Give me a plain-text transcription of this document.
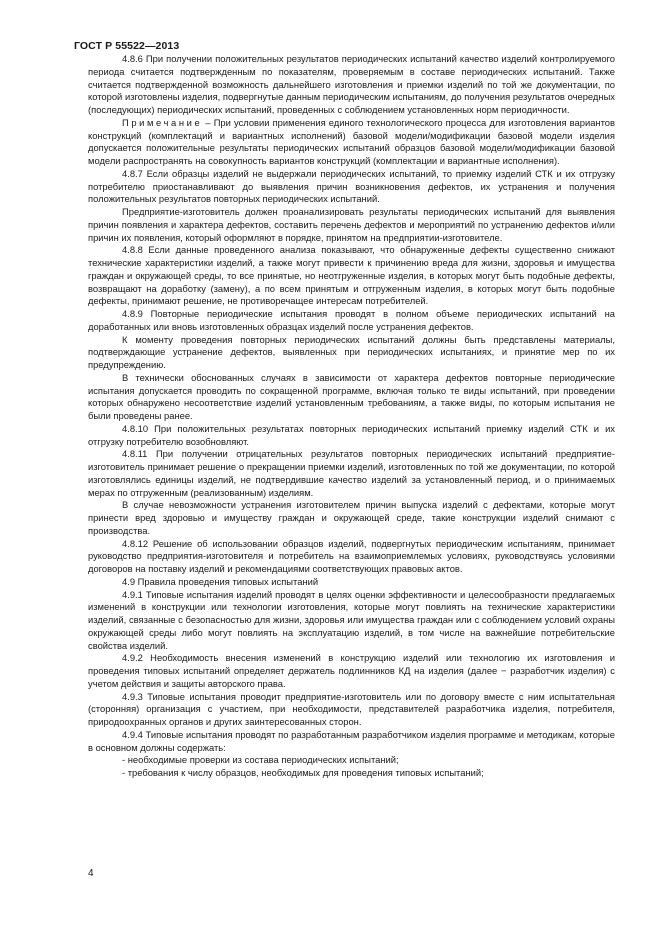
ГОСТ Р 55522—2013

4.8.6 При получении положительных результатов периодических испытаний качество изделий контролируемого периода считается подтвержденным по показателям, проверяемым в составе периодических испытаний. Также считается подтвержденной возможность дальнейшего изготовления и приемки изделий по той же документации, по которой изготовлены изделия, подвергнутые данным периодическим испытаниям, до получения результатов очередных (последующих) периодических испытаний, проведенных с соблюдением установленных норм периодичности.

Примечание – При условии применения единого технологического процесса для изготовления вариантов конструкций (комплектаций и вариантных исполнений) базовой модели/модификации базовой модели изделия допускается положительные результаты периодических испытаний образцов базовой модели/модификации базовой модели распространять на совокупность вариантов конструкций (комплектации и вариантные исполнения).

4.8.7 Если образцы изделий не выдержали периодических испытаний, то приемку изделий СТК и их отгрузку потребителю приостанавливают до выявления причин возникновения дефектов, их устранения и получения положительных результатов повторных периодических испытаний.

Предприятие-изготовитель должен проанализировать результаты периодических испытаний для выявления причин появления и характера дефектов, составить перечень дефектов и мероприятий по устранению дефектов и/или причин их появления, который оформляют в порядке, принятом на предприятии-изготовителе.

4.8.8 Если данные проведенного анализа показывают, что обнаруженные дефекты существенно снижают технические характеристики изделий, а также могут привести к причинению вреда для жизни, здоровья и имущества граждан и окружающей среды, то все принятые, но неотгруженные изделия, в которых могут быть подобные дефекты, возвращают на доработку (замену), а по всем принятым и отгруженным изделия, в которых могут быть подобные дефекты, принимают решение, не противоречащее интересам потребителей.

4.8.9 Повторные периодические испытания проводят в полном объеме периодических испытаний на доработанных или вновь изготовленных образцах изделий после устранения дефектов.

К моменту проведения повторных периодических испытаний должны быть представлены материалы, подтверждающие устранение дефектов, выявленных при периодических испытаниях, и принятие мер по их предупреждению.

В технически обоснованных случаях в зависимости от характера дефектов повторные периодические испытания допускается проводить по сокращенной программе, включая только те виды испытаний, при проведении которых обнаружено несоответствие изделий установленным требованиям, а также виды, по которым испытания не были проведены ранее.

4.8.10 При положительных результатах повторных периодических испытаний приемку изделий СТК и их отгрузку потребителю возобновляют.

4.8.11 При получении отрицательных результатов повторных периодических испытаний предприятие-изготовитель принимает решение о прекращении приемки изделий, изготовленных по той же документации, по которой изготовлялись единицы изделий, не подтвердившие качество изделий за установленный период, и о принимаемых мерах по отгруженным (реализованным) изделиям.

В случае невозможности устранения изготовителем причин выпуска изделий с дефектами, которые могут принести вред здоровью и имуществу граждан и окружающей среде, такие конструкции изделий снимают с производства.

4.8.12 Решение об использовании образцов изделий, подвергнутых периодическим испытаниям, принимает руководство предприятия-изготовителя и потребитель на взаимоприемлемых условиях, руководствуясь условиями договоров на поставку изделий и рекомендациями соответствующих правовых актов.

4.9 Правила проведения типовых испытаний

4.9.1 Типовые испытания изделий проводят в целях оценки эффективности и целесообразности предлагаемых изменений в конструкции или технологии изготовления, которые могут повлиять на технические характеристики изделий, связанные с безопасностью для жизни, здоровья или имущества граждан или с соблюдением условий охраны окружающей среды либо могут повлиять на эксплуатацию изделий, в том числе на важнейшие потребительские свойства изделий.

4.9.2 Необходимость внесения изменений в конструкцию изделий или технологию их изготовления и проведения типовых испытаний определяет держатель подлинников КД на изделия (далее − разработчик изделия) с учетом действия и защиты авторского права.

4.9.3 Типовые испытания проводит предприятие-изготовитель или по договору вместе с ним испытательная (сторонняя) организация с участием, при необходимости, представителей разработчика изделия, потребителя, природоохранных органов и других заинтересованных сторон.

4.9.4 Типовые испытания проводят по разработанным разработчиком изделия программе и методикам, которые в основном должны содержать:

- необходимые проверки из состава периодических испытаний;

- требования к числу образцов, необходимых для проведения типовых испытаний;

4
